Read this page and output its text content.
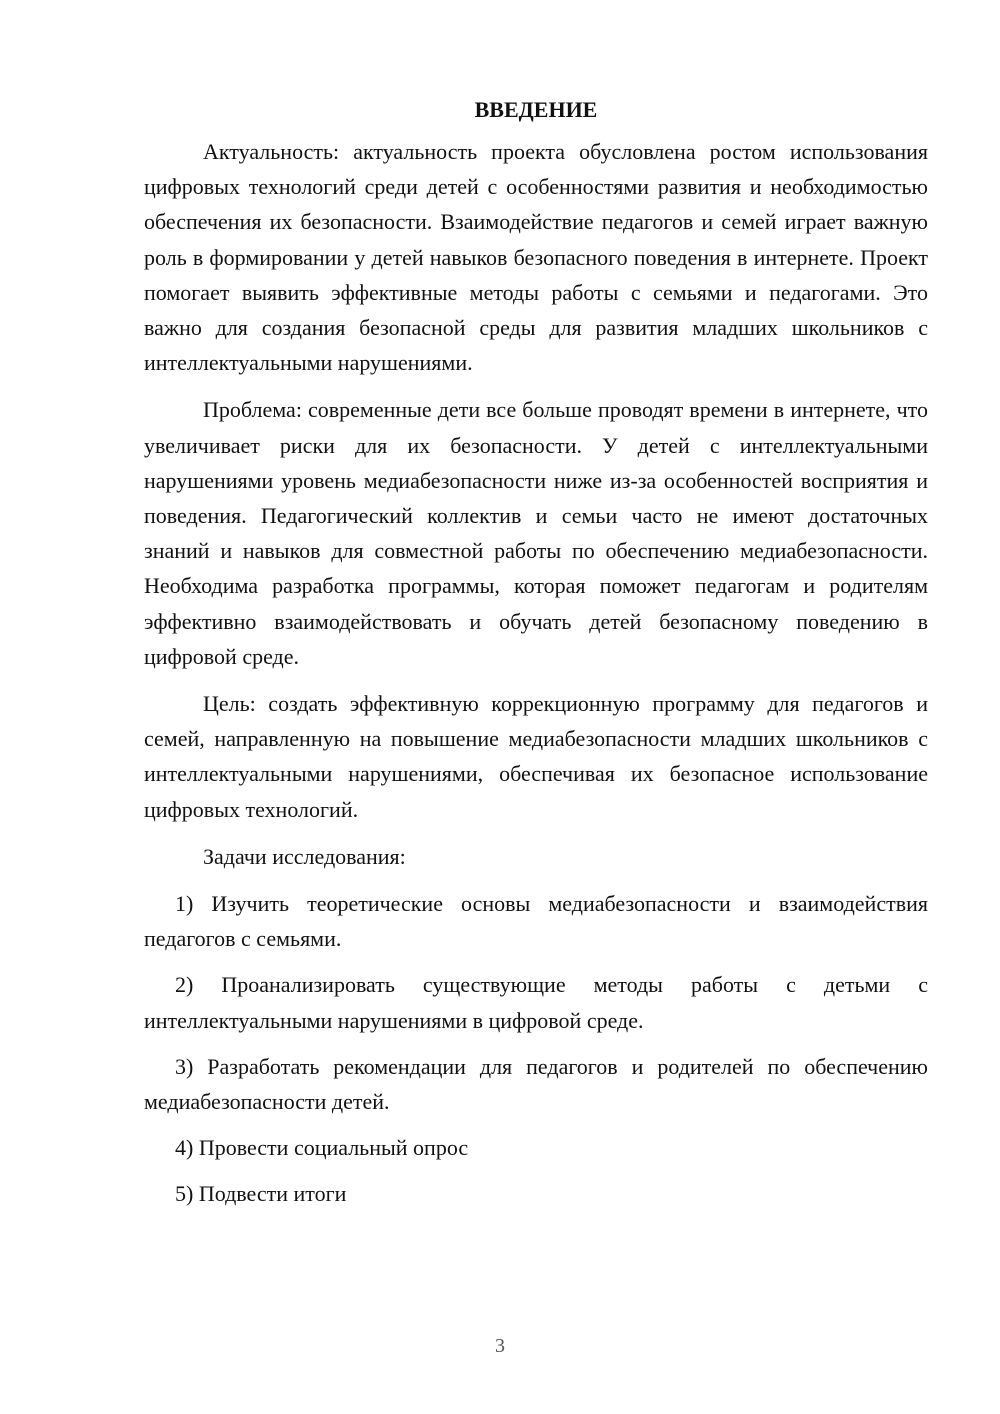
ВВЕДЕНИЕ

Актуальность: актуальность проекта обусловлена ростом использования цифровых технологий среди детей с особенностями развития и необходимостью обеспечения их безопасности. Взаимодействие педагогов и семей играет важную роль в формировании у детей навыков безопасного поведения в интернете. Проект помогает выявить эффективные методы работы с семьями и педагогами. Это важно для создания безопасной среды для развития младших школьников с интеллектуальными нарушениями.

Проблема: современные дети все больше проводят времени в интернете, что увеличивает риски для их безопасности. У детей с интеллектуальными нарушениями уровень медиабезопасности ниже из-за особенностей восприятия и поведения. Педагогический коллектив и семьи часто не имеют достаточных знаний и навыков для совместной работы по обеспечению медиабезопасности. Необходима разработка программы, которая поможет педагогам и родителям эффективно взаимодействовать и обучать детей безопасному поведению в цифровой среде.

Цель: создать эффективную коррекционную программу для педагогов и семей, направленную на повышение медиабезопасности младших школьников с интеллектуальными нарушениями, обеспечивая их безопасное использование цифровых технологий.

Задачи исследования:

1) Изучить теоретические основы медиабезопасности и взаимодействия педагогов с семьями.

2) Проанализировать существующие методы работы с детьми с интеллектуальными нарушениями в цифровой среде.

3) Разработать рекомендации для педагогов и родителей по обеспечению медиабезопасности детей.

4) Провести социальный опрос

5) Подвести итоги

3
